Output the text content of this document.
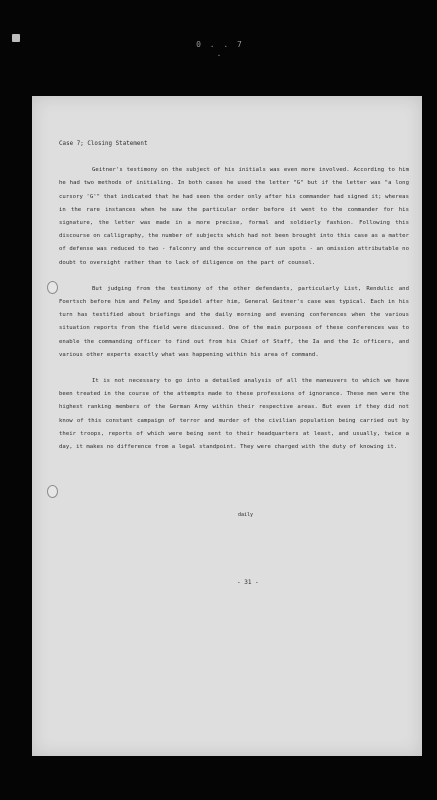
0 . . 7 .
Case 7; Closing Statement

Geitner's testimony on the subject of his initials was even more involved. According to him he had two methods of initialing. In both cases he used the letter "G" but if the letter was "a long cursory 'G'" that indicated that he had seen the order only after his commander had signed it; whereas in the rare instances when he saw the particular order before it went to the commander for his signature, the letter was made in a more precise, formal and soldierly fashion. Following this discourse on calligraphy, the number of subjects which had not been brought into this case as a matter of defense was reduced to two - falconry and the occurrence of sun spots - an omission attributable no doubt to oversight rather than to lack of diligence on the part of counsel.

But judging from the testimony of the other defendants, particularly List, Rendulic and Foertsch before him and Felmy and Speidel after him, General Geitner's case was typical. Each in his turn has testified about briefings and the daily morning and evening conferences when the various situation reports from the field were discussed. One of the main purposes of these conferences was to enable the commanding officer to find out from his Chief of Staff, the Ia and the Ic officers, and various other experts exactly what was happening within his area of command.

It is not necessary to go into a detailed analysis of all the maneuvers to which we have been treated in the course of the attempts made to these professions of ignorance. These men were the highest ranking members of the German Army within their respective areas. But even if they did not know of this constant campaign of terror and murder of the civilian population being carried out by their troops, reports of which were being sent to their headquarters at least, and usually, twice a day, it makes no difference from a legal standpoint. They were charged with the duty of knowing it.

daily
- 31 -
